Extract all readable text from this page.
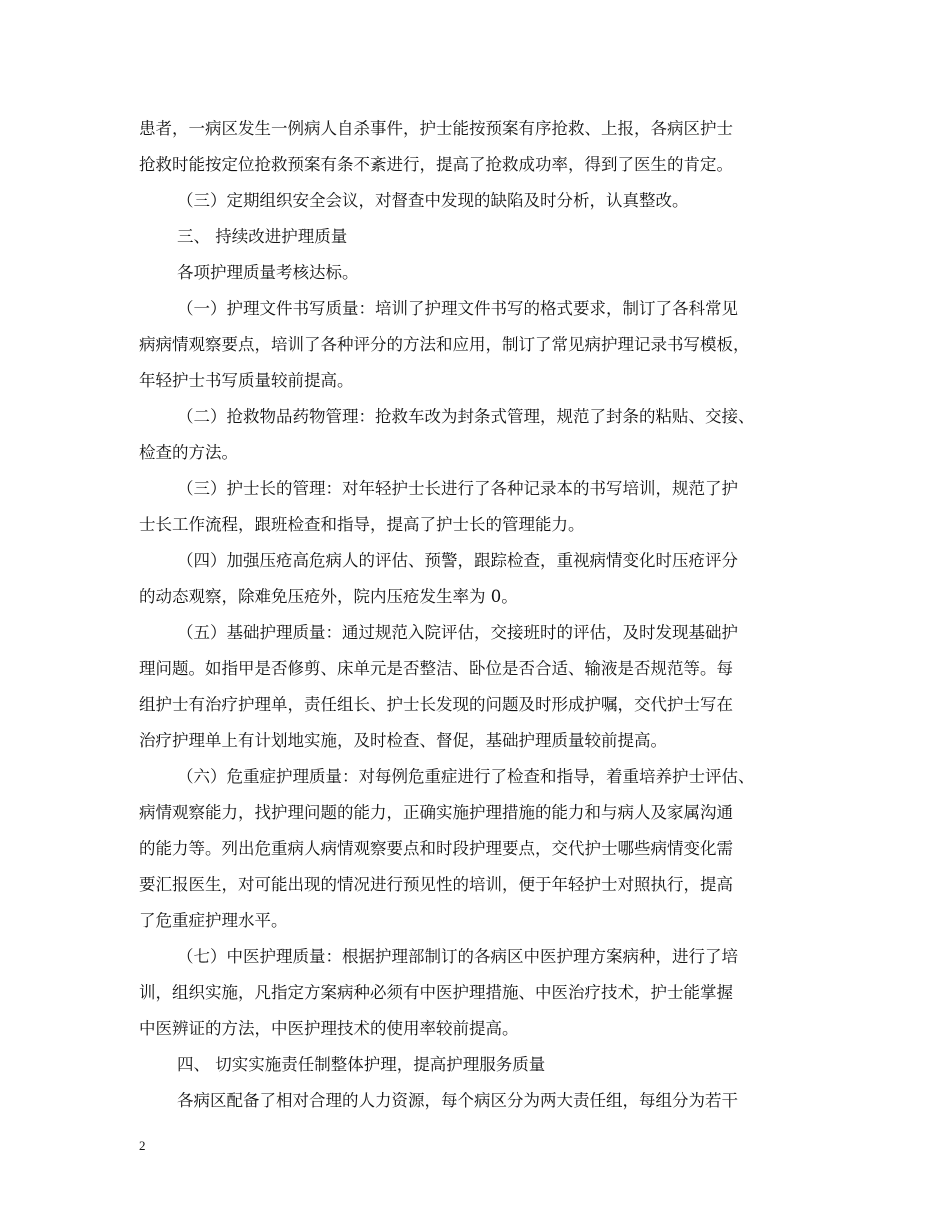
患者，一病区发生一例病人自杀事件，护士能按预案有序抢救、上报，各病区护士
抢救时能按定位抢救预案有条不紊进行，提高了抢救成功率，得到了医生的肯定。
（三）定期组织安全会议，对督查中发现的缺陷及时分析，认真整改。
三、 持续改进护理质量
各项护理质量考核达标。
（一）护理文件书写质量：培训了护理文件书写的格式要求，制订了各科常见
病病情观察要点，培训了各种评分的方法和应用，制订了常见病护理记录书写模板，
年轻护士书写质量较前提高。
（二）抢救物品药物管理：抢救车改为封条式管理，规范了封条的粘贴、交接、
检查的方法。
（三）护士长的管理：对年轻护士长进行了各种记录本的书写培训，规范了护
士长工作流程，跟班检查和指导，提高了护士长的管理能力。
（四）加强压疮高危病人的评估、预警，跟踪检查，重视病情变化时压疮评分
的动态观察，除难免压疮外，院内压疮发生率为 0。
（五）基础护理质量：通过规范入院评估，交接班时的评估，及时发现基础护
理问题。如指甲是否修剪、床单元是否整洁、卧位是否合适、输液是否规范等。每
组护士有治疗护理单，责任组长、护士长发现的问题及时形成护嘱，交代护士写在
治疗护理单上有计划地实施，及时检查、督促，基础护理质量较前提高。
（六）危重症护理质量：对每例危重症进行了检查和指导，着重培养护士评估、
病情观察能力，找护理问题的能力，正确实施护理措施的能力和与病人及家属沟通
的能力等。列出危重病人病情观察要点和时段护理要点，交代护士哪些病情变化需
要汇报医生，对可能出现的情况进行预见性的培训，便于年轻护士对照执行，提高
了危重症护理水平。
（七）中医护理质量：根据护理部制订的各病区中医护理方案病种，进行了培
训，组织实施，凡指定方案病种必须有中医护理措施、中医治疗技术，护士能掌握
中医辨证的方法，中医护理技术的使用率较前提高。
四、 切实实施责任制整体护理，提高护理服务质量
各病区配备了相对合理的人力资源，每个病区分为两大责任组，每组分为若干
2
